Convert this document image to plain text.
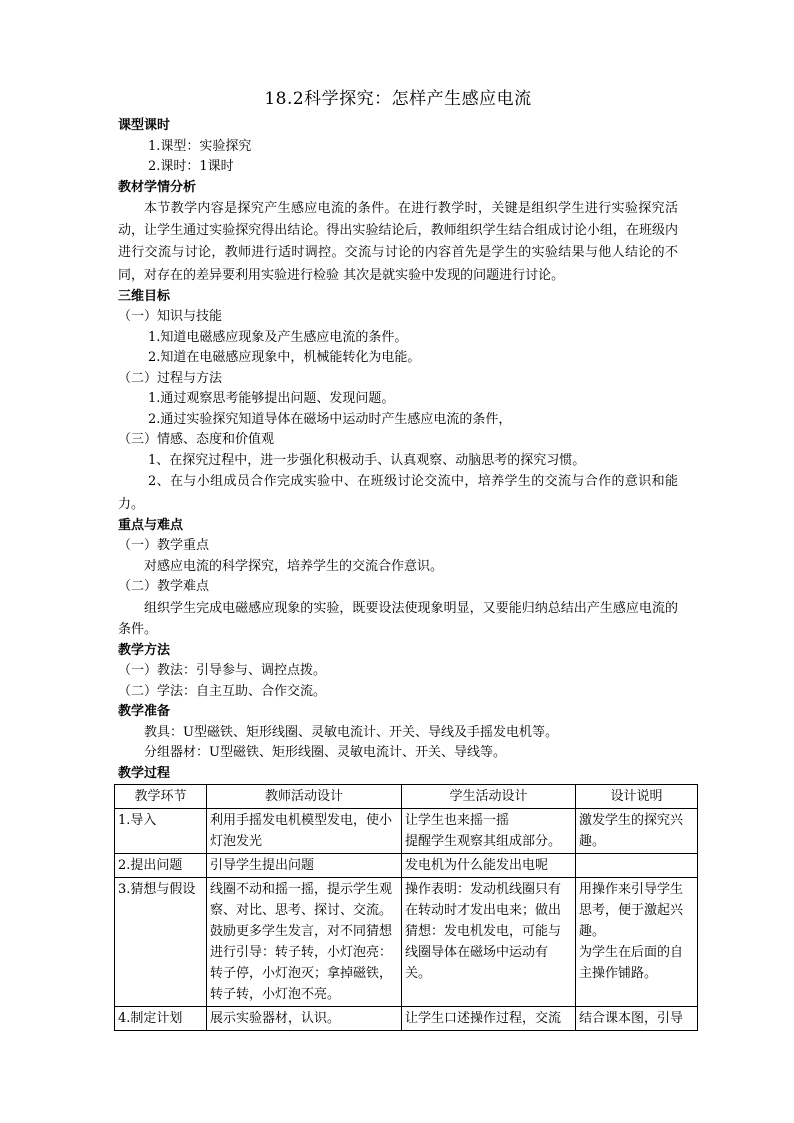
18.2科学探究：怎样产生感应电流
课型课时
1.课型：实验探究
2.课时：1课时
教材学情分析
本节教学内容是探究产生感应电流的条件。在进行教学时，关键是组织学生进行实验探究活动，让学生通过实验探究得出结论。得出实验结论后，教师组织学生结合组成讨论小组，在班级内进行交流与讨论，教师进行适时调控。交流与讨论的内容首先是学生的实验结果与他人结论的不同，对存在的差异要利用实验进行检验 其次是就实验中发现的问题进行讨论。
三维目标
（一）知识与技能
1.知道电磁感应现象及产生感应电流的条件。
2.知道在电磁感应现象中，机械能转化为电能。
（二）过程与方法
1.通过观察思考能够提出问题、发现问题。
2.通过实验探究知道导体在磁场中运动时产生感应电流的条件，
（三）情感、态度和价值观
1、在探究过程中，进一步强化积极动手、认真观察、动脑思考的探究习惯。
2、在与小组成员合作完成实验中、在班级讨论交流中，培养学生的交流与合作的意识和能力。
重点与难点
（一）教学重点
对感应电流的科学探究，培养学生的交流合作意识。
（二）教学难点
组织学生完成电磁感应现象的实验，既要设法使现象明显，又要能归纳总结出产生感应电流的条件。
教学方法
（一）教法：引导参与、调控点拨。
（二）学法：自主互助、合作交流。
教学准备
教具：U型磁铁、矩形线圈、灵敏电流计、开关、导线及手摇发电机等。
分组器材：U型磁铁、矩形线圈、灵敏电流计、开关、导线等。
教学过程
教学环节	教师活动设计	学生活动设计	设计说明
1.导入	利用手摇发电机模型发电，使小灯泡发光	让学生也来摇一摇
提醒学生观察其组成部分。	激发学生的探究兴趣。
2.提出问题	引导学生提出问题	发电机为什么能发出电呢	
3.猜想与假设	线圈不动和摇一摇，提示学生观察、对比、思考、探讨、交流。
鼓励更多学生发言，对不同猜想进行引导：转子转，小灯泡亮：转子停，小灯泡灭；拿掉磁铁，转子转，小灯泡不亮。	操作表明：发动机线圈只有在转动时才发出电来；做出猜想：发电机发电，可能与线圈导体在磁场中运动有关。	用操作来引导学生思考，便于激起兴趣。
为学生在后面的自主操作铺路。
4.制定计划	展示实验器材，认识。	让学生口述操作过程，交流	结合课本图，引导
